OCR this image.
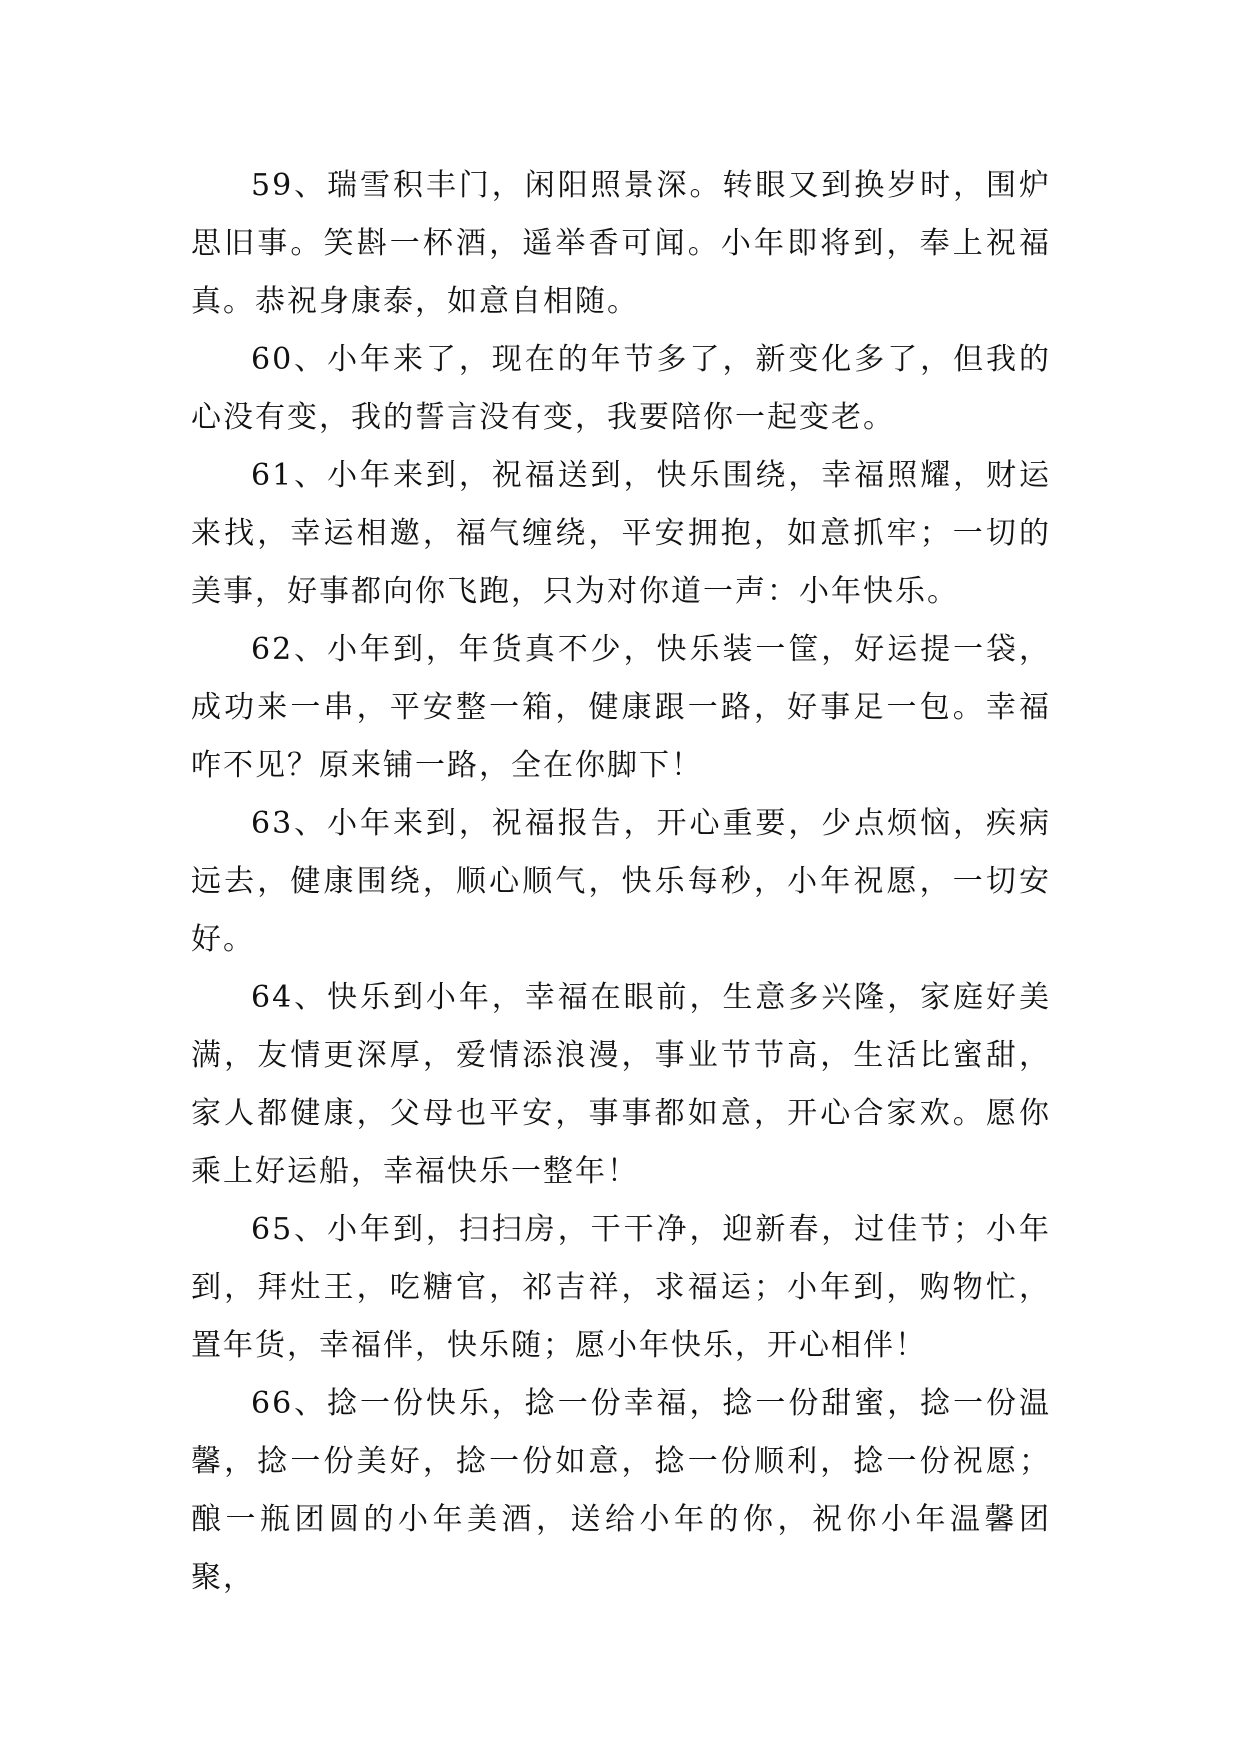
59、瑞雪积丰门，闲阳照景深。转眼又到换岁时，围炉思旧事。笑斟一杯酒，遥举香可闻。小年即将到，奉上祝福真。恭祝身康泰，如意自相随。

60、小年来了，现在的年节多了，新变化多了，但我的心没有变，我的誓言没有变，我要陪你一起变老。

61、小年来到，祝福送到，快乐围绕，幸福照耀，财运来找，幸运相邀，福气缠绕，平安拥抱，如意抓牢；一切的美事，好事都向你飞跑，只为对你道一声：小年快乐。

62、小年到，年货真不少，快乐装一筐，好运提一袋，成功来一串，平安整一箱，健康跟一路，好事足一包。幸福咋不见？原来铺一路，全在你脚下！

63、小年来到，祝福报告，开心重要，少点烦恼，疾病远去，健康围绕，顺心顺气，快乐每秒，小年祝愿，一切安好。

64、快乐到小年，幸福在眼前，生意多兴隆，家庭好美满，友情更深厚，爱情添浪漫，事业节节高，生活比蜜甜，家人都健康，父母也平安，事事都如意，开心合家欢。愿你乘上好运船，幸福快乐一整年！

65、小年到，扫扫房，干干净，迎新春，过佳节；小年到，拜灶王，吃糖官，祁吉祥，求福运；小年到，购物忙，置年货，幸福伴，快乐随；愿小年快乐，开心相伴！

66、捻一份快乐，捻一份幸福，捻一份甜蜜，捻一份温馨，捻一份美好，捻一份如意，捻一份顺利，捻一份祝愿；酿一瓶团圆的小年美酒，送给小年的你，祝你小年温馨团聚，
